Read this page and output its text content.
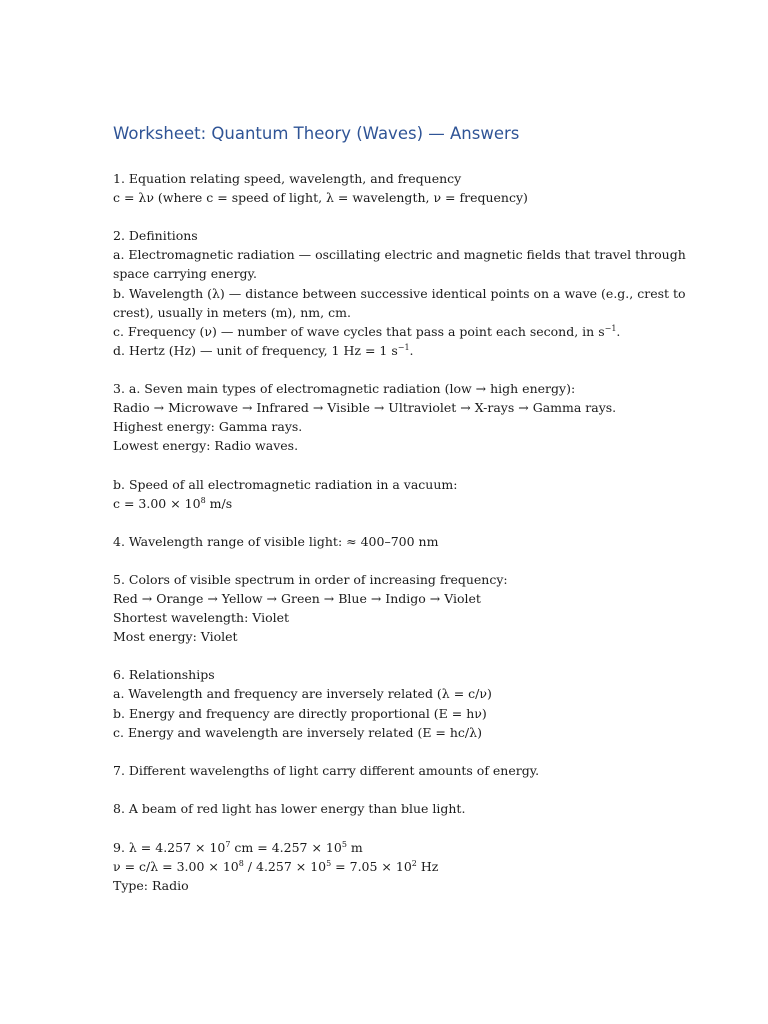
Worksheet: Quantum Theory (Waves) — Answers
1. Equation relating speed, wavelength, and frequency
c = λν (where c = speed of light, λ = wavelength, ν = frequency)
2. Definitions
a. Electromagnetic radiation — oscillating electric and magnetic fields that travel through
space carrying energy.
b. Wavelength (λ) — distance between successive identical points on a wave (e.g., crest to
crest), usually in meters (m), nm, cm.
c. Frequency (ν) — number of wave cycles that pass a point each second, in $s^{-1}$.
d. Hertz (Hz) — unit of frequency, 1 Hz = 1 $s^{-1}$.
3. a. Seven main types of electromagnetic radiation (low → high energy):
Radio → Microwave → Infrared → Visible → Ultraviolet → X-rays → Gamma rays.
Highest energy: Gamma rays.
Lowest energy: Radio waves.
b. Speed of all electromagnetic radiation in a vacuum:
$c = 3.00 \times 10^8$ m/s
4. Wavelength range of visible light: ≈ 400–700 nm
5. Colors of visible spectrum in order of increasing frequency:
Red → Orange → Yellow → Green → Blue → Indigo → Violet
Shortest wavelength: Violet
Most energy: Violet
6. Relationships
a. Wavelength and frequency are inversely related (λ = c/ν)
b. Energy and frequency are directly proportional (E = hν)
c. Energy and wavelength are inversely related (E = hc/λ)
7. Different wavelengths of light carry different amounts of energy.
8. A beam of red light has lower energy than blue light.
9. $\lambda = 4.257 \times 10^7$ cm = $4.257 \times 10^5$ m
$\nu = c/\lambda = 3.00 \times 10^8 / 4.257 \times 10^5 = 7.05 \times 10^2$ Hz
Type: Radio
